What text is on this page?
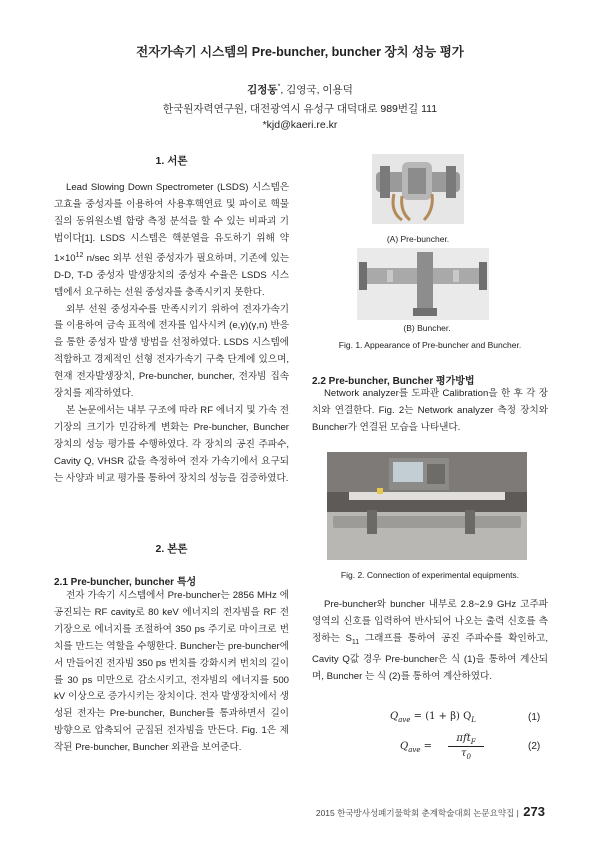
전자가속기 시스템의 Pre-buncher, buncher 장치 성능 평가
김정동*, 김영국, 이용덕
한국원자력연구원, 대전광역시 유성구 대덕대로 989번길 111
*kjd@kaeri.re.kr
1. 서론

Lead Slowing Down Spectrometer (LSDS) 시스템은 고효율 중성자를 이용하여 사용후핵연료 및 파이로 핵물질의 동위원소별 함량 측정 분석을 할 수 있는 비파괴 기법이다[1]. LSDS 시스템은 핵분열을 유도하기 위해 약 $1\times 10^{12}$ n/sec 외부 선원 중성자가 필요하며, 기존에 있는 D-D, T-D 중성자 발생장치의 중성자 수율은 LSDS 시스템에서 요구하는 선원 중성자를 충족시키지 못한다.

외부 선원 중성자수를 만족시키기 위하여 전자가속기를 이용하여 금속 표적에 전자를 입사시켜 (e,γ)(γ,n) 반응을 통한 중성자 발생 방법을 선정하였다. LSDS 시스템에 적합하고 경제적인 선형 전자가속기 구축 단계에 있으며, 현재 전자발생장치, Pre-buncher, buncher, 전자빔 집속장치를 제작하였다.

본 논문에서는 내부 구조에 따라 RF 에너지 및 가속 전기장의 크기가 민감하게 변화는 Pre-buncher, Buncher 장치의 성능 평가를 수행하였다. 각 장치의 공진 주파수, Cavity Q, VHSR 값을 측정하여 전자 가속기에서 요구되는 사양과 비교 평가를 통하여 장치의 성능을 검증하였다.

2. 본론
2.1 Pre-buncher, buncher 특성

전자 가속기 시스템에서 Pre-buncher는 2856 MHz 에 공진되는 RF cavity로 80 keV 에너지의 전자빔을 RF 전기장으로 에너지를 조절하여 350 ps 주기로 마이크로 번치를 만드는 역할을 수행한다. Buncher는 pre-buncher에서 만들어진 전자빔 350 ps 번치를 강화시켜 번치의 길이를 30 ps 미만으로 감소시키고, 전자빔의 에너지를 500 kV 이상으로 증가시키는 장치이다. 전자 발생장치에서 생성된 전자는 Pre-buncher, Buncher를 통과하면서 길이 방향으로 압축되어 군집된 전자빔을 만든다. Fig. 1은 제작된 Pre-buncher, Buncher 외관을 보여준다.

(A) Pre-buncher.
(B) Buncher.
Fig. 1. Appearance of Pre-buncher and Buncher.
2.2 Pre-buncher, Buncher 평가방법

Network analyzer를 도파관 Calibration을 한 후 각 장치와 연결한다. Fig. 2는 Network analyzer 측정 장치와 Buncher가 연결된 모습을 나타낸다.

Fig. 2. Connection of experimental equipments.

Pre-buncher와 buncher 내부로 2.8~2.9 GHz 고주파 영역의 신호를 입력하여 반사되어 나오는 출력 신호를 측정하는 $S_{11}$ 그래프를 통하여 공진 주파수를 확인하고, Cavity Q값 경우 Pre-buncher은 식 (1)을 통하여 계산되며, Buncher 는 식 (2)를 통하여 계산하였다.

$Q_{ave} = (1 + \beta)$ $Q_L$	(1)
$Q_{ave}$ =
πft$_F$
$\tau_0$
(2)
2015 한국방사성폐기물학회 춘계학술대회 논문요약집 | 273
